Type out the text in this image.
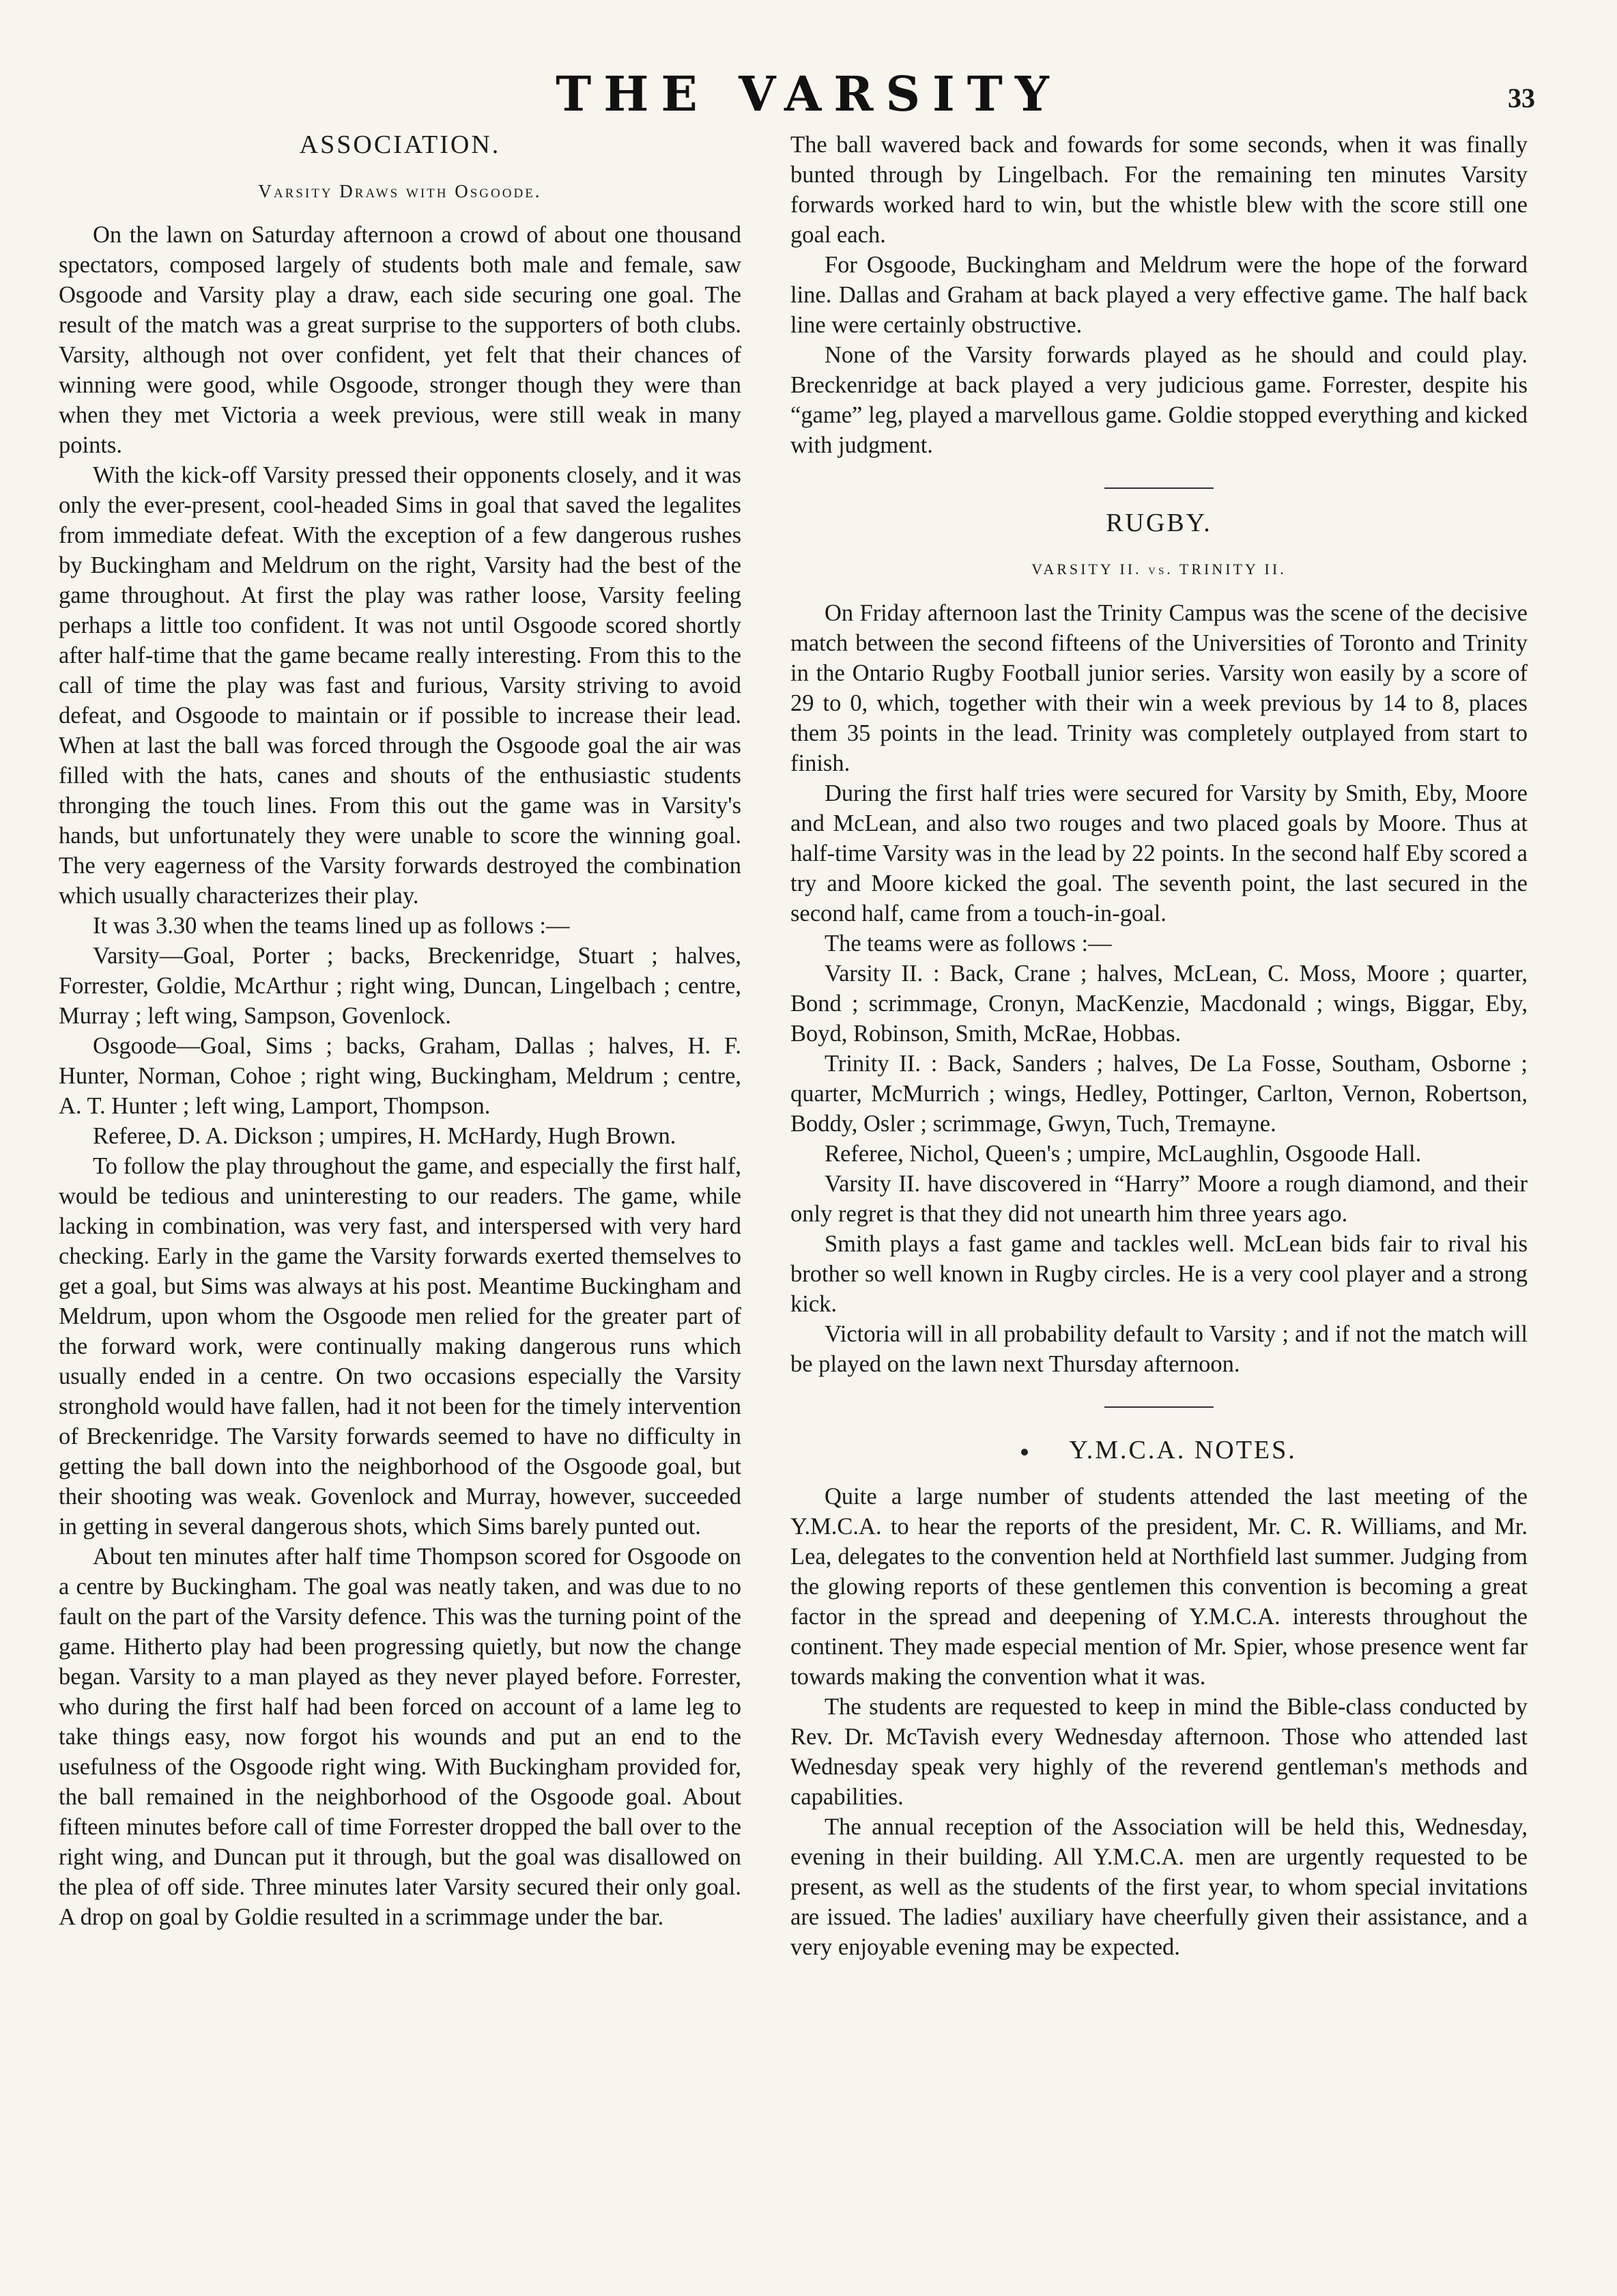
THE VARSITY	33
ASSOCIATION.
Varsity Draws with Osgoode.

On the lawn on Saturday afternoon a crowd of about one thousand spectators, composed largely of students both male and female, saw Osgoode and Varsity play a draw, each side securing one goal. The result of the match was a great surprise to the supporters of both clubs. Varsity, although not over confident, yet felt that their chances of winning were good, while Osgoode, stronger though they were than when they met Victoria a week previous, were still weak in many points.

With the kick-off Varsity pressed their opponents closely, and it was only the ever-present, cool-headed Sims in goal that saved the legalites from immediate defeat. With the exception of a few dangerous rushes by Buckingham and Meldrum on the right, Varsity had the best of the game throughout. At first the play was rather loose, Varsity feeling perhaps a little too confident. It was not until Osgoode scored shortly after half-time that the game became really interesting. From this to the call of time the play was fast and furious, Varsity striving to avoid defeat, and Osgoode to maintain or if possible to increase their lead. When at last the ball was forced through the Osgoode goal the air was filled with the hats, canes and shouts of the enthusiastic students thronging the touch lines. From this out the game was in Varsity's hands, but unfortunately they were unable to score the winning goal. The very eagerness of the Varsity forwards destroyed the combination which usually characterizes their play.

It was 3.30 when the teams lined up as follows :—

Varsity—Goal, Porter ; backs, Breckenridge, Stuart ; halves, Forrester, Goldie, McArthur ; right wing, Duncan, Lingelbach ; centre, Murray ; left wing, Sampson, Govenlock.

Osgoode—Goal, Sims ; backs, Graham, Dallas ; halves, H. F. Hunter, Norman, Cohoe ; right wing, Buckingham, Meldrum ; centre, A. T. Hunter ; left wing, Lamport, Thompson.

Referee, D. A. Dickson ; umpires, H. McHardy, Hugh Brown.

To follow the play throughout the game, and especially the first half, would be tedious and uninteresting to our readers. The game, while lacking in combination, was very fast, and interspersed with very hard checking. Early in the game the Varsity forwards exerted themselves to get a goal, but Sims was always at his post. Meantime Buckingham and Meldrum, upon whom the Osgoode men relied for the greater part of the forward work, were continually making dangerous runs which usually ended in a centre. On two occasions especially the Varsity stronghold would have fallen, had it not been for the timely intervention of Breckenridge. The Varsity forwards seemed to have no difficulty in getting the ball down into the neighborhood of the Osgoode goal, but their shooting was weak. Govenlock and Murray, however, succeeded in getting in several dangerous shots, which Sims barely punted out.

About ten minutes after half time Thompson scored for Osgoode on a centre by Buckingham. The goal was neatly taken, and was due to no fault on the part of the Varsity defence. This was the turning point of the game. Hitherto play had been progressing quietly, but now the change began. Varsity to a man played as they never played before. Forrester, who during the first half had been forced on account of a lame leg to take things easy, now forgot his wounds and put an end to the usefulness of the Osgoode right wing. With Buckingham provided for, the ball remained in the neighborhood of the Osgoode goal. About fifteen minutes before call of time Forrester dropped the ball over to the right wing, and Duncan put it through, but the goal was disallowed on the plea of off side. Three minutes later Varsity secured their only goal. A drop on goal by Goldie resulted in a scrimmage under the bar.

The ball wavered back and fowards for some seconds, when it was finally bunted through by Lingelbach. For the remaining ten minutes Varsity forwards worked hard to win, but the whistle blew with the score still one goal each.

For Osgoode, Buckingham and Meldrum were the hope of the forward line. Dallas and Graham at back played a very effective game. The half back line were certainly obstructive.

None of the Varsity forwards played as he should and could play. Breckenridge at back played a very judicious game. Forrester, despite his “game” leg, played a marvellous game. Goldie stopped everything and kicked with judgment.

RUGBY.
VARSITY II. vs. TRINITY II.

On Friday afternoon last the Trinity Campus was the scene of the decisive match between the second fifteens of the Universities of Toronto and Trinity in the Ontario Rugby Football junior series. Varsity won easily by a score of 29 to 0, which, together with their win a week previous by 14 to 8, places them 35 points in the lead. Trinity was completely outplayed from start to finish.

During the first half tries were secured for Varsity by Smith, Eby, Moore and McLean, and also two rouges and two placed goals by Moore. Thus at half-time Varsity was in the lead by 22 points. In the second half Eby scored a try and Moore kicked the goal. The seventh point, the last secured in the second half, came from a touch-in-goal.

The teams were as follows :—

Varsity II. : Back, Crane ; halves, McLean, C. Moss, Moore ; quarter, Bond ; scrimmage, Cronyn, MacKenzie, Macdonald ; wings, Biggar, Eby, Boyd, Robinson, Smith, McRae, Hobbas.

Trinity II. : Back, Sanders ; halves, De La Fosse, Southam, Osborne ; quarter, McMurrich ; wings, Hedley, Pottinger, Carlton, Vernon, Robertson, Boddy, Osler ; scrimmage, Gwyn, Tuch, Tremayne.

Referee, Nichol, Queen's ; umpire, McLaughlin, Osgoode Hall.

Varsity II. have discovered in “Harry” Moore a rough diamond, and their only regret is that they did not unearth him three years ago.

Smith plays a fast game and tackles well. McLean bids fair to rival his brother so well known in Rugby circles. He is a very cool player and a strong kick.

Victoria will in all probability default to Varsity ; and if not the match will be played on the lawn next Thursday afternoon.

Y.M.C.A. NOTES.

Quite a large number of students attended the last meeting of the Y.M.C.A. to hear the reports of the president, Mr. C. R. Williams, and Mr. Lea, delegates to the convention held at Northfield last summer. Judging from the glowing reports of these gentlemen this convention is becoming a great factor in the spread and deepening of Y.M.C.A. interests throughout the continent. They made especial mention of Mr. Spier, whose presence went far towards making the convention what it was.

The students are requested to keep in mind the Bible-class conducted by Rev. Dr. McTavish every Wednesday afternoon. Those who attended last Wednesday speak very highly of the reverend gentleman's methods and capabilities.

The annual reception of the Association will be held this, Wednesday, evening in their building. All Y.M.C.A. men are urgently requested to be present, as well as the students of the first year, to whom special invitations are issued. The ladies' auxiliary have cheerfully given their assistance, and a very enjoyable evening may be expected.
